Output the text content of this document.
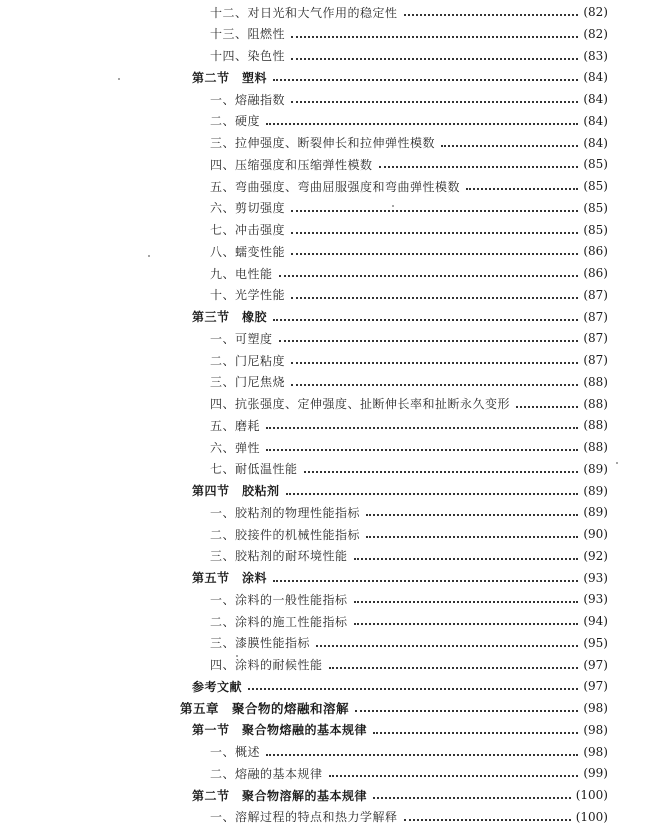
十二、对日光和大气作用的稳定性	(82)
十三、阻燃性	(82)
十四、染色性	(83)
第二节　塑料	(84)
一、熔融指数	(84)
二、硬度	(84)
三、拉伸强度、断裂伸长和拉伸弹性模数	(84)
四、压缩强度和压缩弹性模数	(85)
五、弯曲强度、弯曲屈服强度和弯曲弹性模数	(85)
六、剪切强度	(85)
七、冲击强度	(85)
八、蠕变性能	(86)
九、电性能	(86)
十、光学性能	(87)
第三节　橡胶	(87)
一、可塑度	(87)
二、门尼粘度	(87)
三、门尼焦烧	(88)
四、抗张强度、定伸强度、扯断伸长率和扯断永久变形	(88)
五、磨耗	(88)
六、弹性	(88)
七、耐低温性能	(89)
第四节　胶粘剂	(89)
一、胶粘剂的物理性能指标	(89)
二、胶接件的机械性能指标	(90)
三、胶粘剂的耐环境性能	(92)
第五节　涂料	(93)
一、涂料的一般性能指标	(93)
二、涂料的施工性能指标	(94)
三、漆膜性能指标	(95)
四、涂料的耐候性能	(97)
参考文献	(97)
第五章　聚合物的熔融和溶解	(98)
第一节　聚合物熔融的基本规律	(98)
一、概述	(98)
二、熔融的基本规律	(99)
第二节　聚合物溶解的基本规律	(100)
一、溶解过程的特点和热力学解释	(100)
